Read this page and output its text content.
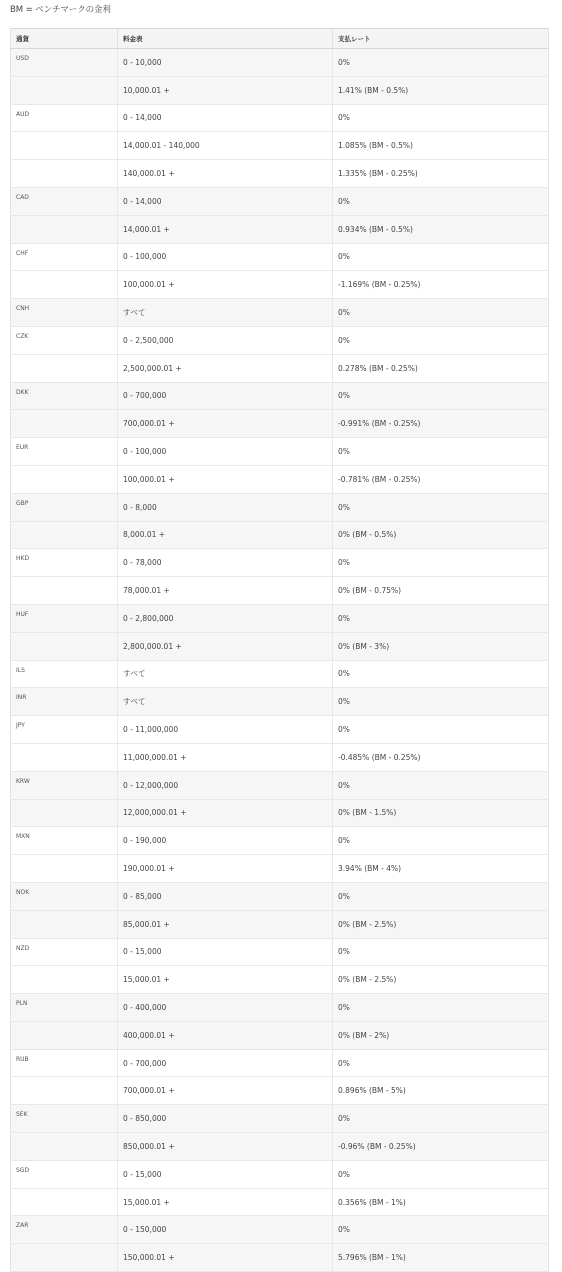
BM = ベンチマークの金利
通貨	料金表	支払レート
USD	0 - 10,000	0%
	10,000.01 +	1.41% (BM - 0.5%)
AUD	0 - 14,000	0%
	14,000.01 - 140,000	1.085% (BM - 0.5%)
	140,000.01 +	1.335% (BM - 0.25%)
CAD	0 - 14,000	0%
	14,000.01 +	0.934% (BM - 0.5%)
CHF	0 - 100,000	0%
	100,000.01 +	-1.169% (BM - 0.25%)
CNH	すべて	0%
CZK	0 - 2,500,000	0%
	2,500,000.01 +	0.278% (BM - 0.25%)
DKK	0 - 700,000	0%
	700,000.01 +	-0.991% (BM - 0.25%)
EUR	0 - 100,000	0%
	100,000.01 +	-0.781% (BM - 0.25%)
GBP	0 - 8,000	0%
	8,000.01 +	0% (BM - 0.5%)
HKD	0 - 78,000	0%
	78,000.01 +	0% (BM - 0.75%)
HUF	0 - 2,800,000	0%
	2,800,000.01 +	0% (BM - 3%)
ILS	すべて	0%
INR	すべて	0%
JPY	0 - 11,000,000	0%
	11,000,000.01 +	-0.485% (BM - 0.25%)
KRW	0 - 12,000,000	0%
	12,000,000.01 +	0% (BM - 1.5%)
MXN	0 - 190,000	0%
	190,000.01 +	3.94% (BM - 4%)
NOK	0 - 85,000	0%
	85,000.01 +	0% (BM - 2.5%)
NZD	0 - 15,000	0%
	15,000.01 +	0% (BM - 2.5%)
PLN	0 - 400,000	0%
	400,000.01 +	0% (BM - 2%)
RUB	0 - 700,000	0%
	700,000.01 +	0.896% (BM - 5%)
SEK	0 - 850,000	0%
	850,000.01 +	-0.96% (BM - 0.25%)
SGD	0 - 15,000	0%
	15,000.01 +	0.356% (BM - 1%)
ZAR	0 - 150,000	0%
	150,000.01 +	5.796% (BM - 1%)
